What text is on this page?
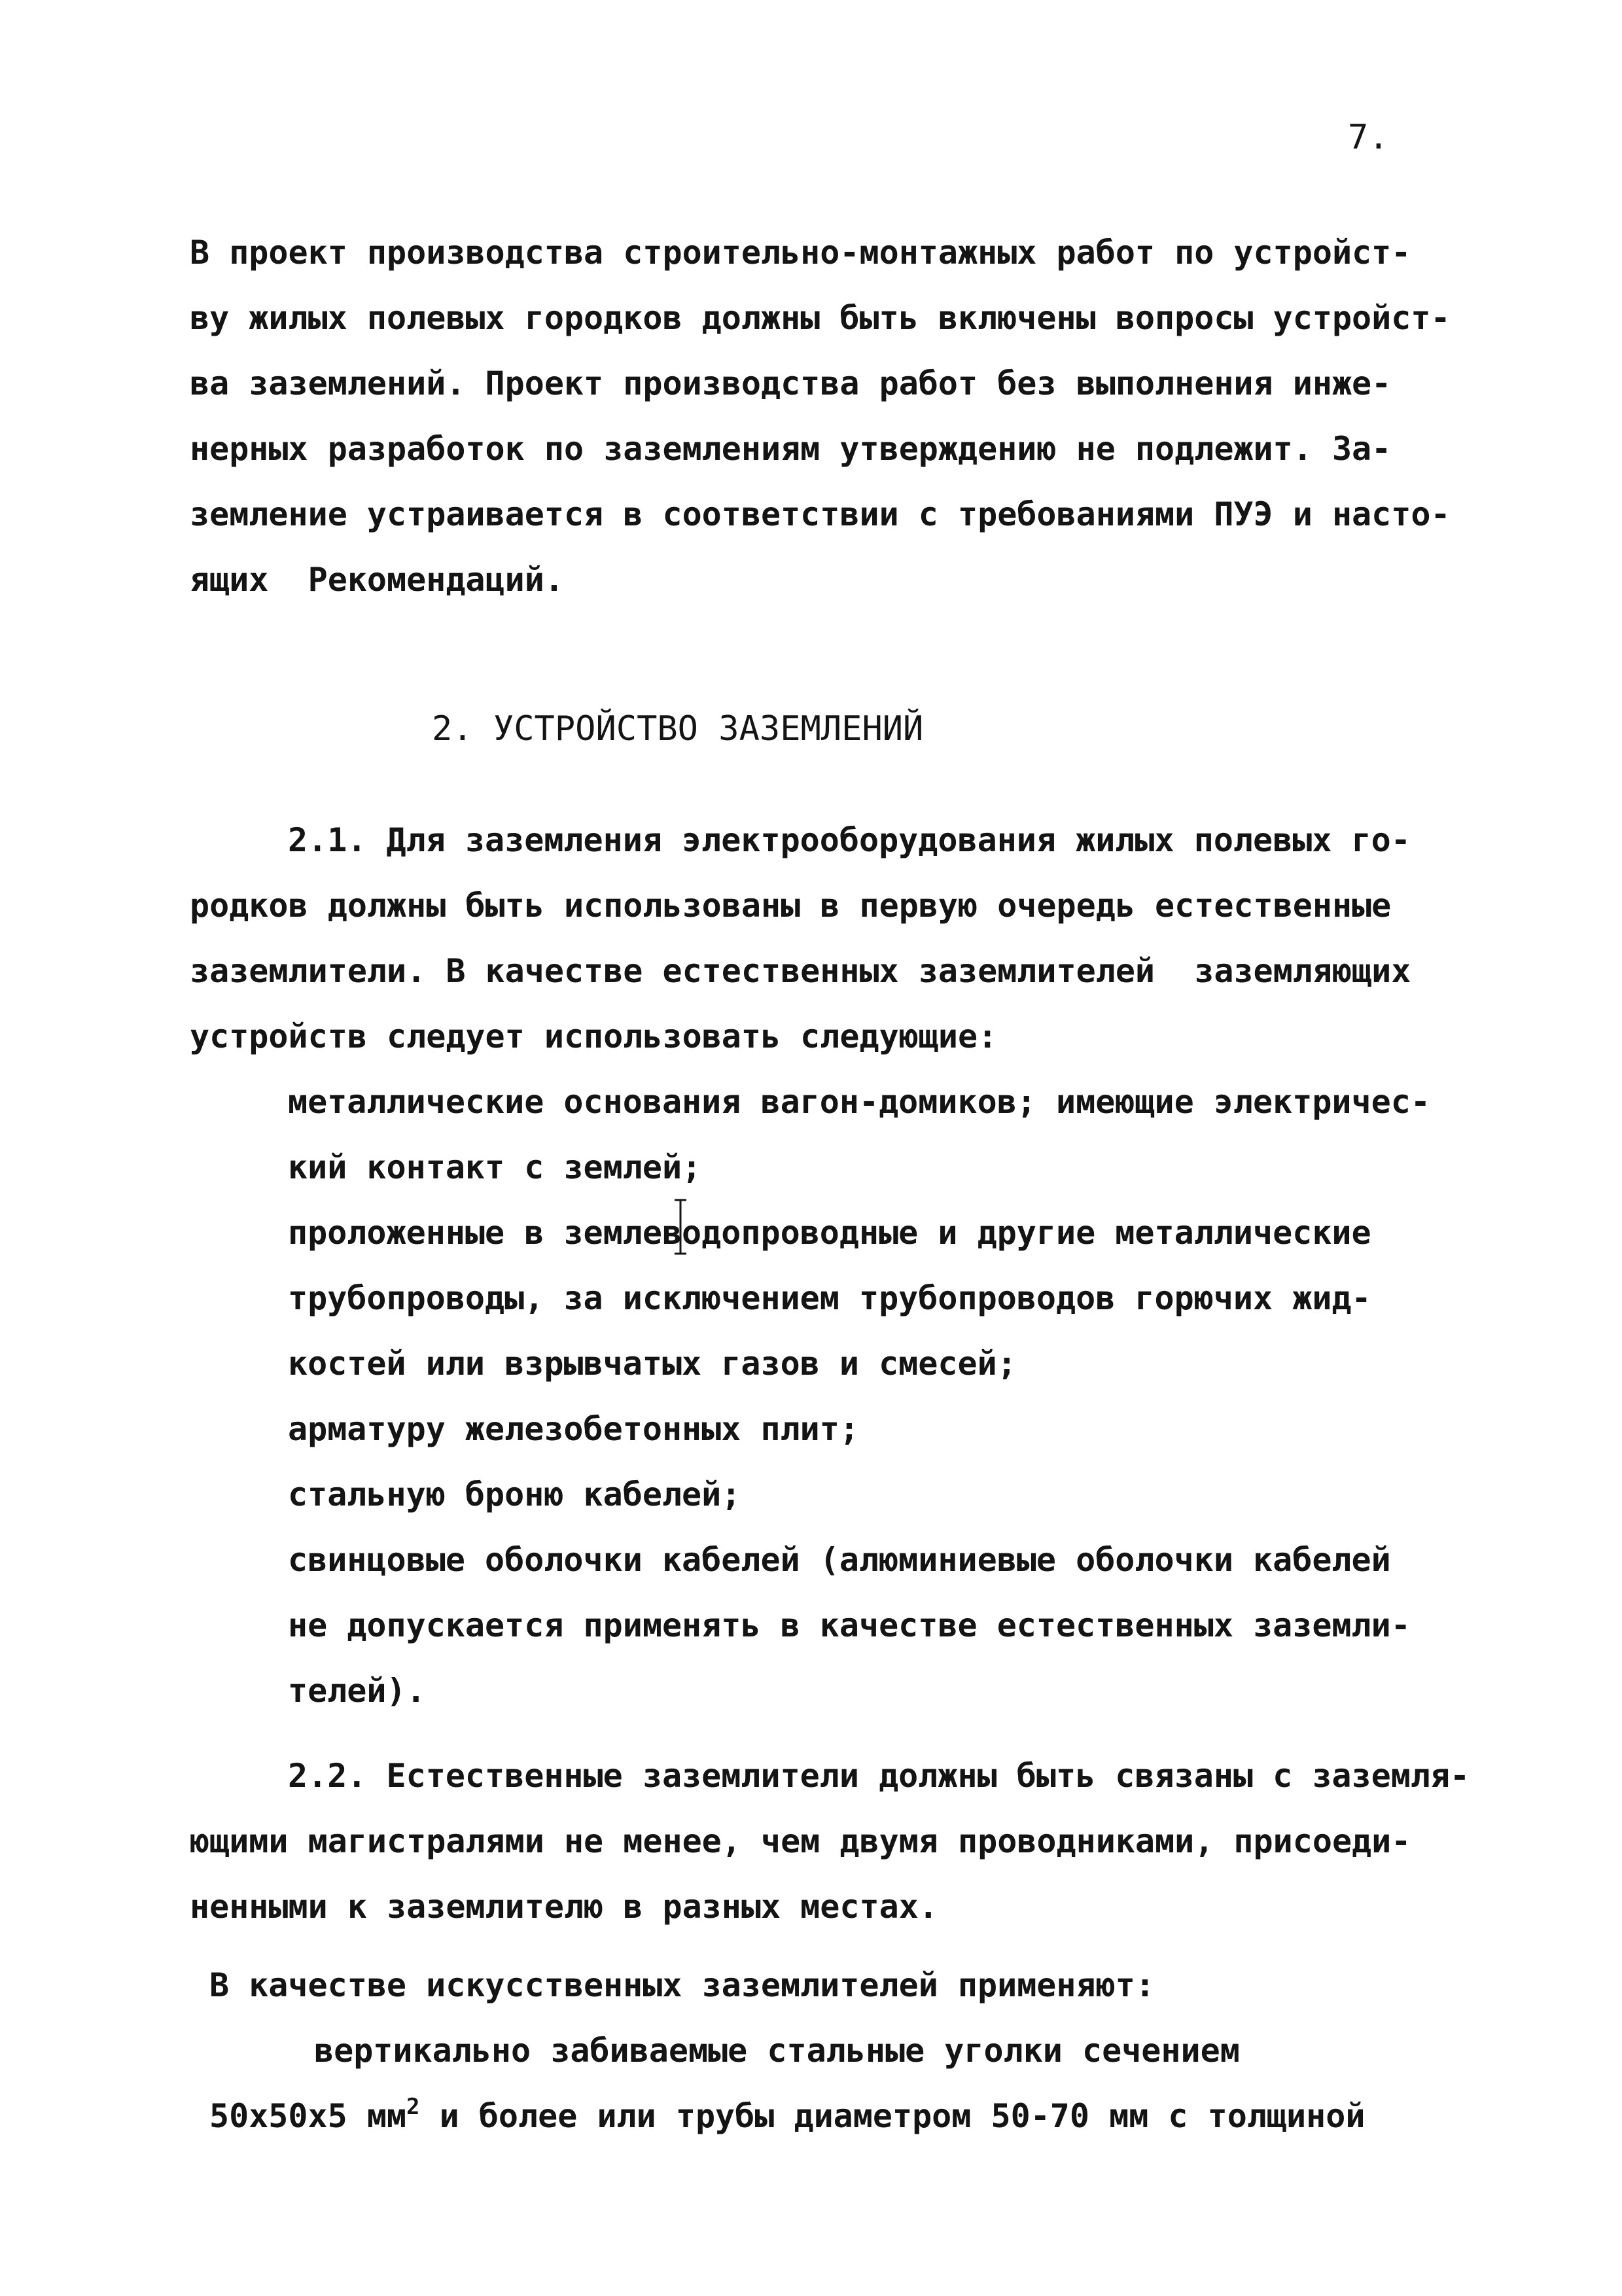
7.
В проект производства строительно-монтажных работ по устройст-
ву жилых полевых городков должны быть включены вопросы устройст-
ва заземлений. Проект производства работ без выполнения инже-
нерных разработок по заземлениям утверждению не подлежит. За-
земление устраивается в соответствии с требованиями ПУЭ и насто-
ящих  Рекомендаций.
2. УСТРОЙСТВО ЗАЗЕМЛЕНИЙ
2.1. Для заземления электрооборудования жилых полевых го-
родков должны быть использованы в первую очередь естественные
заземлители. В качестве естественных заземлителей  заземляющих
устройств следует использовать следующие:
металлические основания вагон-домиков; имеющие электричес-
кий контакт с землей;
проложенные в землеводопроводные и другие металлические
трубопроводы, за исключением трубопроводов горючих жид-
костей или взрывчатых газов и смесей;
арматуру железобетонных плит;
стальную броню кабелей;
свинцовые оболочки кабелей (алюминиевые оболочки кабелей
не допускается применять в качестве естественных заземли-
телей).
2.2. Естественные заземлители должны быть связаны с заземля-
ющими магистралями не менее, чем двумя проводниками, присоеди-
ненными к заземлителю в разных местах.
В качестве искусственных заземлителей применяют:
вертикально забиваемые стальные уголки сечением
50х50х5 $мм^2$ и более или трубы диаметром 50-70 мм с толщиной
